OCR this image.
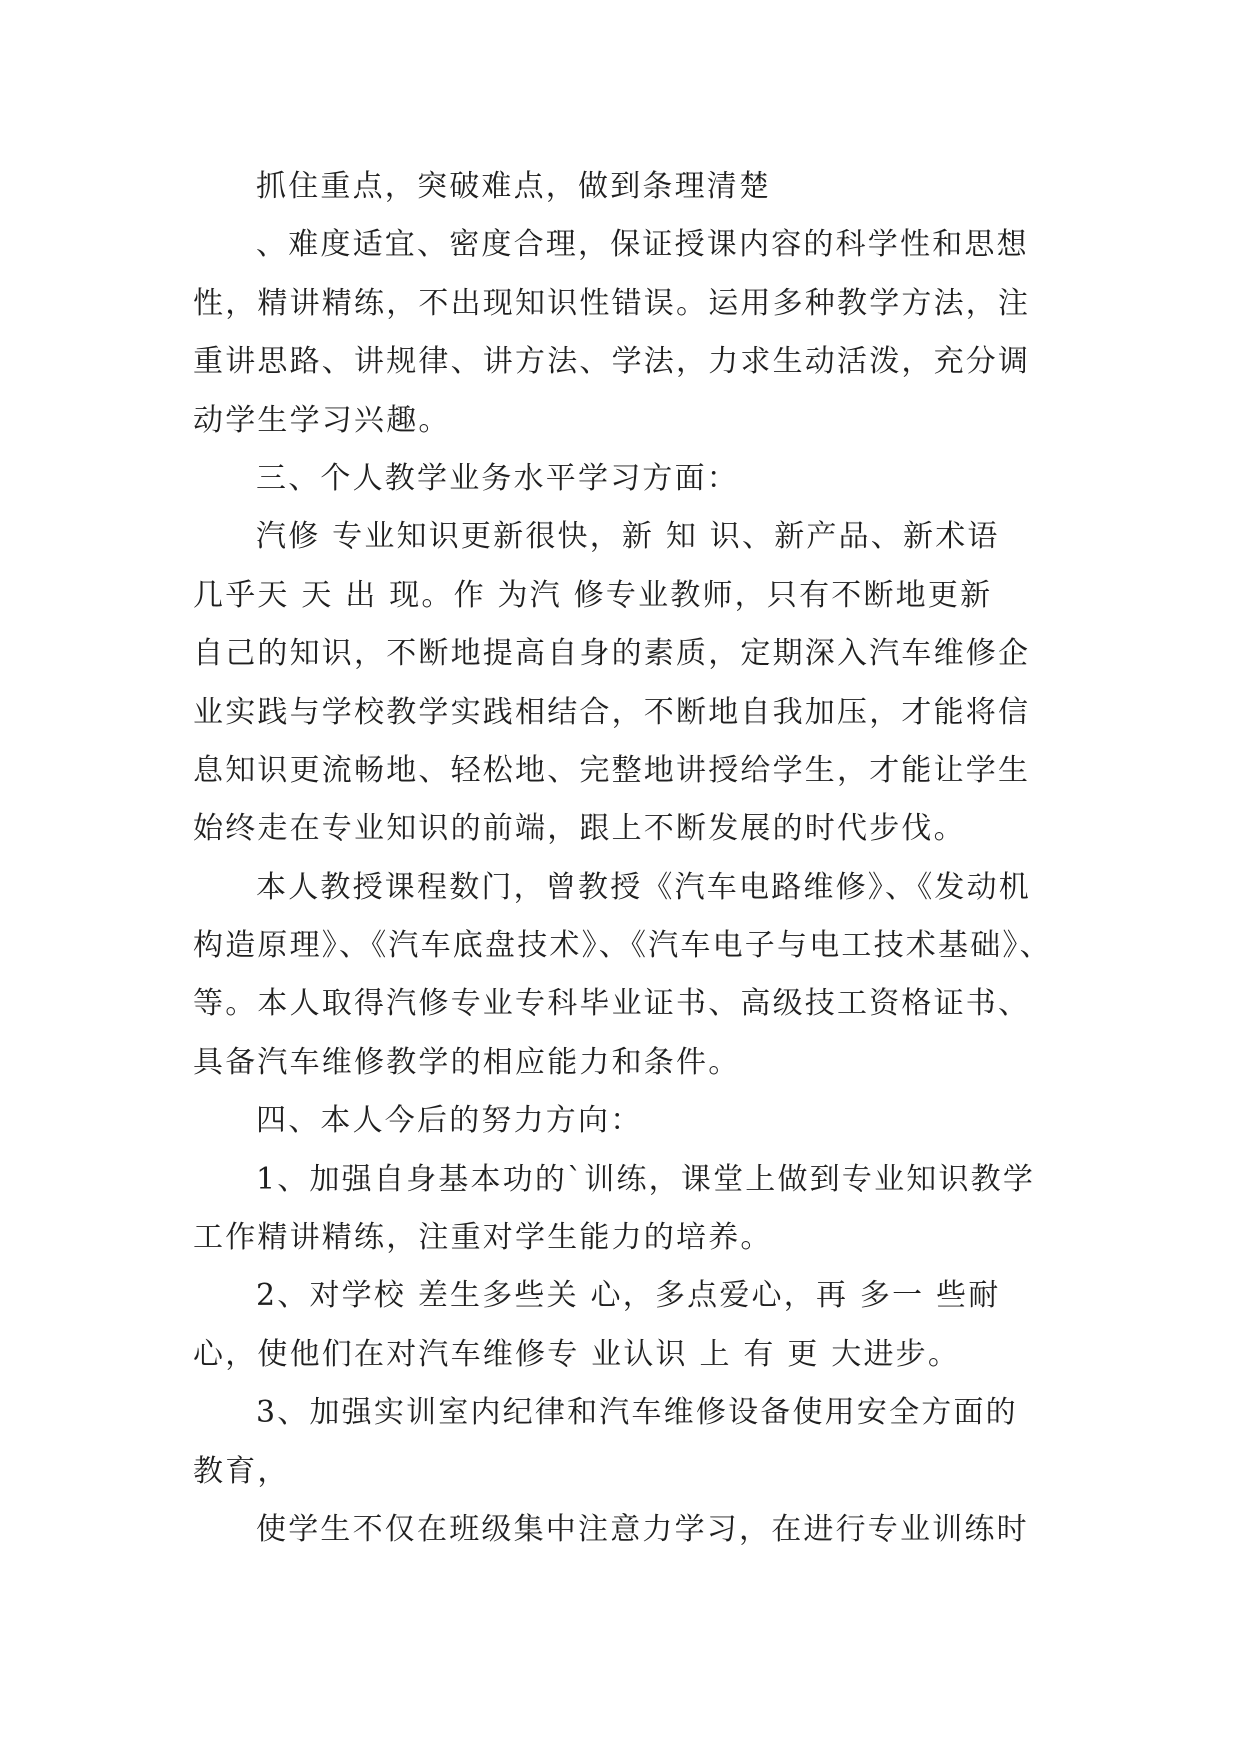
抓住重点，突破难点，做到条理清楚
、难度适宜、密度合理，保证授课内容的科学性和思想
性，精讲精练，不出现知识性错误。运用多种教学方法，注
重讲思路、讲规律、讲方法、学法，力求生动活泼，充分调
动学生学习兴趣。
三、个人教学业务水平学习方面：
汽修 专业知识更新很快，新 知 识、新产品、新术语
几乎天 天 出 现。作 为汽 修专业教师，只有不断地更新
自己的知识，不断地提高自身的素质，定期深入汽车维修企
业实践与学校教学实践相结合，不断地自我加压，才能将信
息知识更流畅地、轻松地、完整地讲授给学生，才能让学生
始终走在专业知识的前端，跟上不断发展的时代步伐。
本人教授课程数门，曾教授《汽车电路维修》、《发动机
构造原理》、《汽车底盘技术》、《汽车电子与电工技术基础》、
等。本人取得汽修专业专科毕业证书、高级技工资格证书、
具备汽车维修教学的相应能力和条件。
四、本人今后的努力方向：
1、加强自身基本功的`训练，课堂上做到专业知识教学
工作精讲精练，注重对学生能力的培养。
2、对学校 差生多些关 心，多点爱心，再 多一 些耐
心，使他们在对汽车维修专 业认识 上 有 更 大进步。
3、加强实训室内纪律和汽车维修设备使用安全方面的
教育，
使学生不仅在班级集中注意力学习，在进行专业训练时
